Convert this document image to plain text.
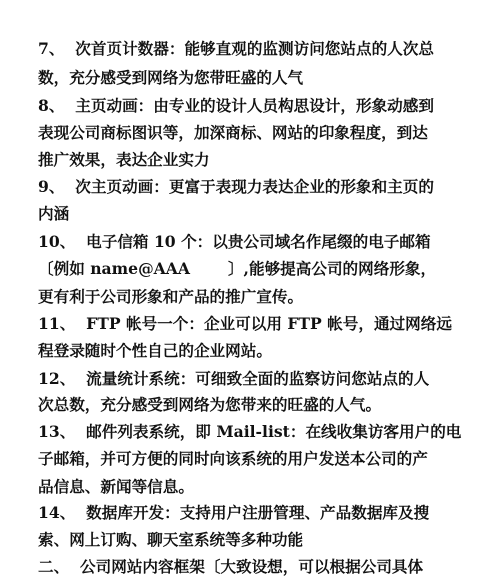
7、  次首页计数器：能够直观的监测访问您站点的人次总
数，充分感受到网络为您带旺盛的人气
8、  主页动画：由专业的设计人员构思设计，形象动感到
表现公司商标图识等，加深商标、网站的印象程度，到达
推广效果，表达企业实力
9、  次主页动画：更富于表现力表达企业的形象和主页的
内涵
10、  电子信箱 10 个：以贵公司域名作尾缀的电子邮箱
〔例如 name@AAA       〕,能够提高公司的网络形象，
更有利于公司形象和产品的推广宣传。
11、  FTP 帐号一个：企业可以用 FTP 帐号，通过网络远
程登录随时个性自己的企业网站。
12、  流量统计系统：可细致全面的监察访问您站点的人
次总数，充分感受到网络为您带来的旺盛的人气。
13、  邮件列表系统，即 Mail-list：在线收集访客用户的电
子邮箱，并可方便的同时向该系统的用户发送本公司的产
品信息、新闻等信息。
14、  数据库开发：支持用户注册管理、产品数据库及搜
索、网上订购、聊天室系统等多种功能
二、  公司网站内容框架〔大致设想，可以根据公司具体
